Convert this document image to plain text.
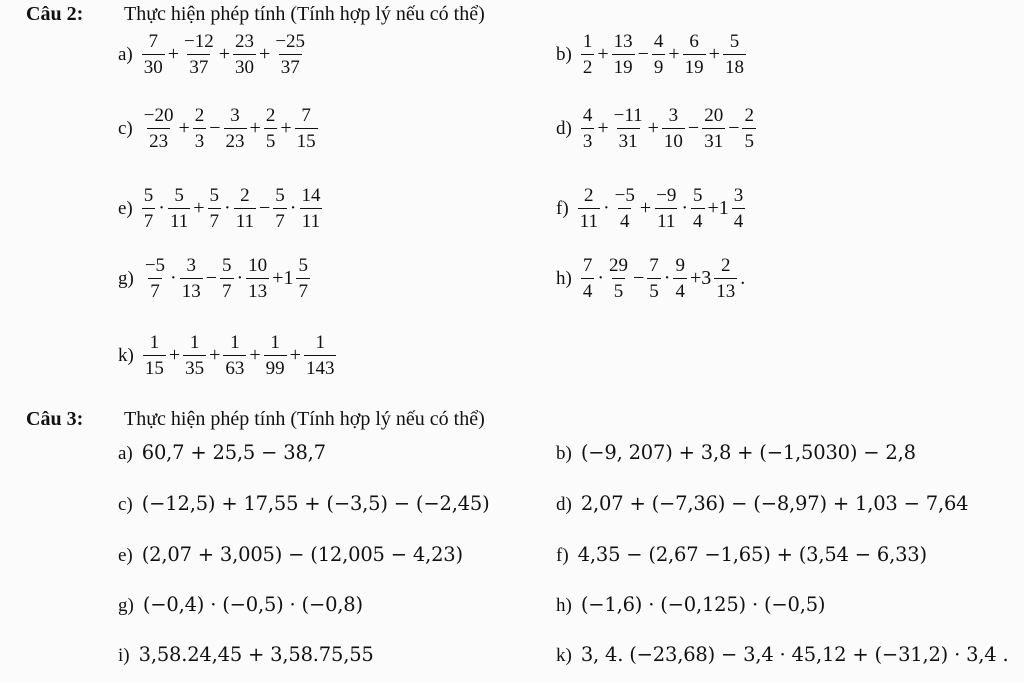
Câu 2: Thực hiện phép tính (Tính hợp lý nếu có thể)
$a) \frac{7}{30} + \frac{-12}{37} + \frac{23}{30} + \frac{-25}{37}$	$b) \frac{1}{2} + \frac{13}{19} - \frac{4}{9} + \frac{6}{19} + \frac{5}{18}$
$c) \frac{-20}{23} + \frac{2}{3} - \frac{3}{23} + \frac{2}{5} + \frac{7}{15}$	$d) \frac{4}{3} + \frac{-11}{31} + \frac{3}{10} - \frac{20}{31} - \frac{2}{5}$
$e) \frac{5}{7} \cdot \frac{5}{11} + \frac{5}{7} \cdot \frac{2}{11} - \frac{5}{7} \cdot \frac{14}{11}$	$f) \frac{2}{11} \cdot \frac{-5}{4} + \frac{-9}{11} \cdot \frac{5}{4} +1 \frac{3}{4}$
$g) \frac{-5}{7} \cdot \frac{3}{13} - \frac{5}{7} \cdot \frac{10}{13} +1 \frac{5}{7}$	$h) \frac{7}{4} \cdot \frac{29}{5} - \frac{7}{5} \cdot \frac{9}{4} +3 \frac{2}{13}$ .
$k) \frac{1}{15} + \frac{1}{35} + \frac{1}{63} + \frac{1}{99} + \frac{1}{143}$
Câu 3: Thực hiện phép tính (Tính hợp lý nếu có thể)
a) 60,7 + 25,5 − 38,7	b) (−9, 207) + 3,8 + (−1,5030) − 2,8
c) (−12,5) + 17,55 + (−3,5) − (−2,45)	d) 2,07 + (−7,36) − (−8,97) + 1,03 − 7,64
e) (2,07 + 3,005) − (12,005 − 4,23)	f) 4,35 − (2,67 −1,65) + (3,54 − 6,33)
g) (−0,4) · (−0,5) · (−0,8)	h) (−1,6) · (−0,125) · (−0,5)
i) 3,58.24,45 + 3,58.75,55	k) 3, 4. (−23,68) − 3,4 · 45,12 + (−31,2) · 3,4 .
